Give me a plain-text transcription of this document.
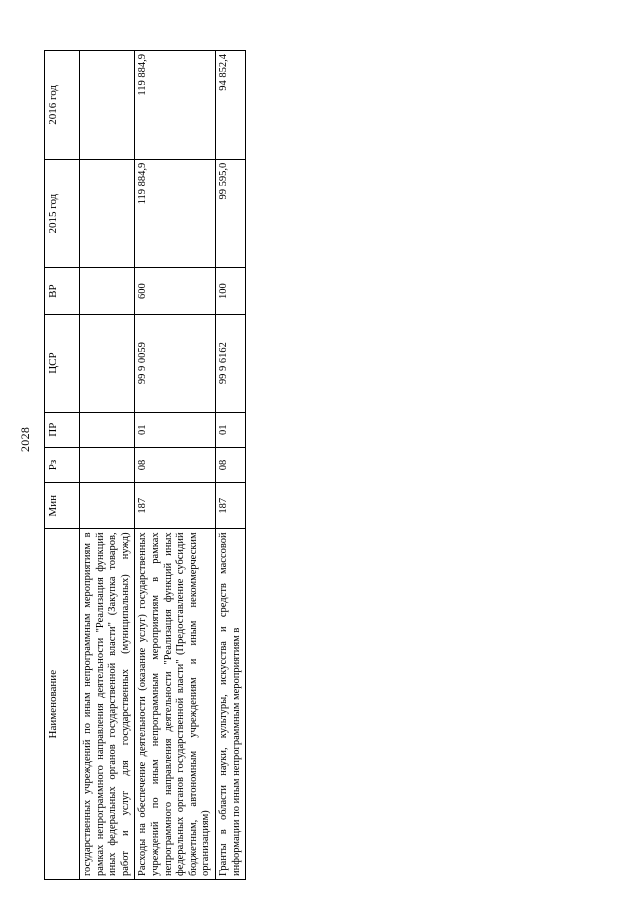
2028
Наименование	Мин	Рз	ПР	ЦСР	ВР	2015 год	2016 год
государственных учреждений по иным непрограммным мероприятиям в рамках непрограммного направления деятельности "Реализация функций иных федеральных органов государственной власти" (Закупка товаров, работ и услуг для государственных (муниципальных) нужд)							
Расходы на обеспечение деятельности (оказание услуг) государственных учреждений по иным непрограммным мероприятиям в рамках непрограммного направления деятельности "Реализация функций иных федеральных органов государственной власти" (Предоставление субсидий бюджетным, автономным учреждениям и иным некоммерческим организациям)	187	08	01	99 9 0059	600	119 884,9	119 884,9
Гранты в области науки, культуры, искусства и средств массовой информации по иным непрограммным мероприятиям в	187	08	01	99 9 6162	100	99 595,0	94 852,4
